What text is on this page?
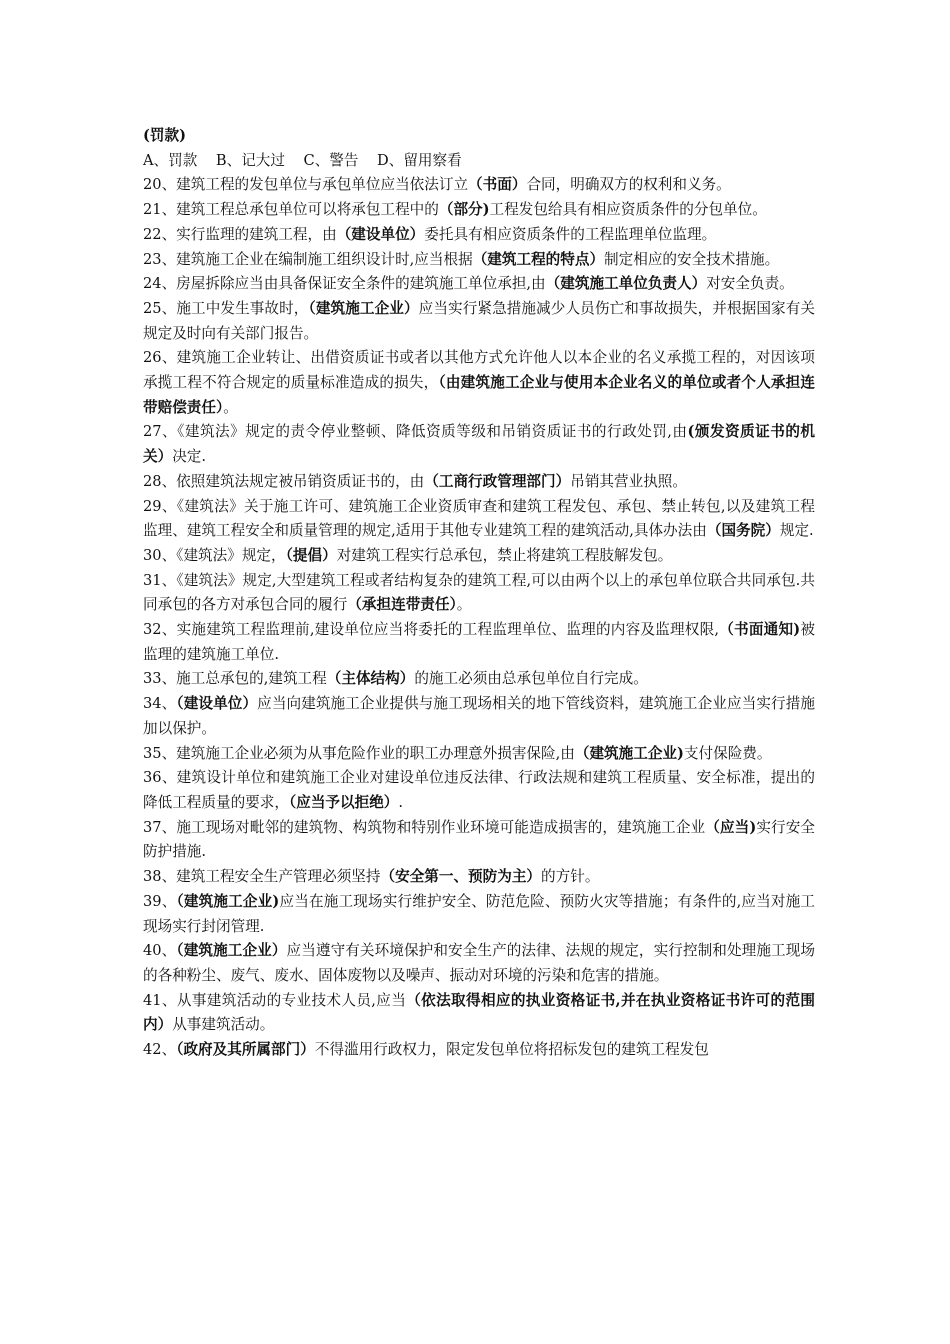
(罚款)

A、罚款    B、记大过    C、警告    D、留用察看

20、建筑工程的发包单位与承包单位应当依法订立（书面）合同，明确双方的权利和义务。

21、建筑工程总承包单位可以将承包工程中的（部分)工程发包给具有相应资质条件的分包单位。

22、实行监理的建筑工程，由（建设单位）委托具有相应资质条件的工程监理单位监理。

23、建筑施工企业在编制施工组织设计时,应当根据（建筑工程的特点）制定相应的安全技术措施。

24、房屋拆除应当由具备保证安全条件的建筑施工单位承担,由（建筑施工单位负责人）对安全负责。

25、施工中发生事故时，（建筑施工企业）应当实行紧急措施减少人员伤亡和事故损失，并根据国家有关规定及时向有关部门报告。

26、建筑施工企业转让、出借资质证书或者以其他方式允许他人以本企业的名义承揽工程的，对因该项承揽工程不符合规定的质量标准造成的损失，（由建筑施工企业与使用本企业名义的单位或者个人承担连带赔偿责任）。

27、《建筑法》规定的责令停业整顿、降低资质等级和吊销资质证书的行政处罚,由(颁发资质证书的机关）决定.

28、依照建筑法规定被吊销资质证书的，由（工商行政管理部门）吊销其营业执照。

29、《建筑法》关于施工许可、建筑施工企业资质审查和建筑工程发包、承包、禁止转包,以及建筑工程监理、建筑工程安全和质量管理的规定,适用于其他专业建筑工程的建筑活动,具体办法由（国务院）规定.

30、《建筑法》规定，（提倡）对建筑工程实行总承包，禁止将建筑工程肢解发包。

31、《建筑法》规定,大型建筑工程或者结构复杂的建筑工程,可以由两个以上的承包单位联合共同承包.共同承包的各方对承包合同的履行（承担连带责任）。

32、实施建筑工程监理前,建设单位应当将委托的工程监理单位、监理的内容及监理权限,（书面通知)被监理的建筑施工单位.

33、施工总承包的,建筑工程（主体结构）的施工必须由总承包单位自行完成。

34、（建设单位）应当向建筑施工企业提供与施工现场相关的地下管线资料，建筑施工企业应当实行措施加以保护。

35、建筑施工企业必须为从事危险作业的职工办理意外损害保险,由（建筑施工企业)支付保险费。

36、建筑设计单位和建筑施工企业对建设单位违反法律、行政法规和建筑工程质量、安全标准，提出的降低工程质量的要求，（应当予以拒绝）.

37、施工现场对毗邻的建筑物、构筑物和特别作业环境可能造成损害的，建筑施工企业（应当)实行安全防护措施.

38、建筑工程安全生产管理必须坚持（安全第一、预防为主）的方针。

39、（建筑施工企业)应当在施工现场实行维护安全、防范危险、预防火灾等措施；有条件的,应当对施工现场实行封闭管理.

40、（建筑施工企业）应当遵守有关环境保护和安全生产的法律、法规的规定，实行控制和处理施工现场的各种粉尘、废气、废水、固体废物以及噪声、振动对环境的污染和危害的措施。

41、从事建筑活动的专业技术人员,应当（依法取得相应的执业资格证书,并在执业资格证书许可的范围内）从事建筑活动。

42、（政府及其所属部门）不得滥用行政权力，限定发包单位将招标发包的建筑工程发包
